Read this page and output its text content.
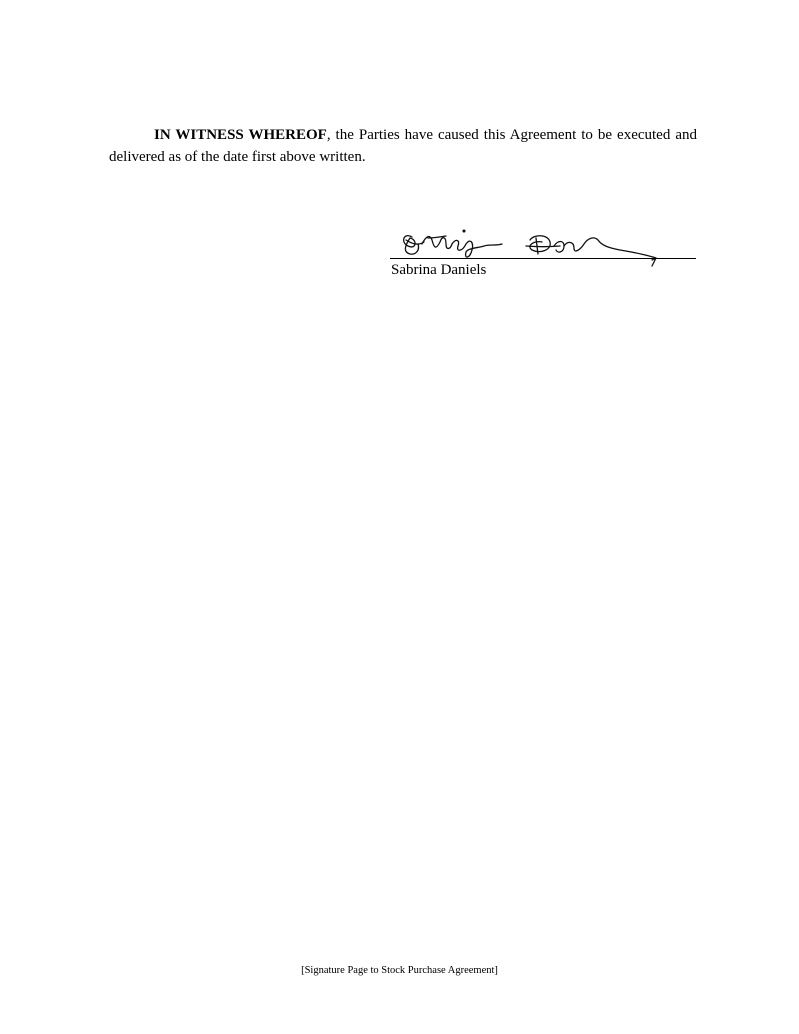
IN WITNESS WHEREOF, the Parties have caused this Agreement to be executed and delivered as of the date first above written.

Sabrina Daniels
[Signature Page to Stock Purchase Agreement]
